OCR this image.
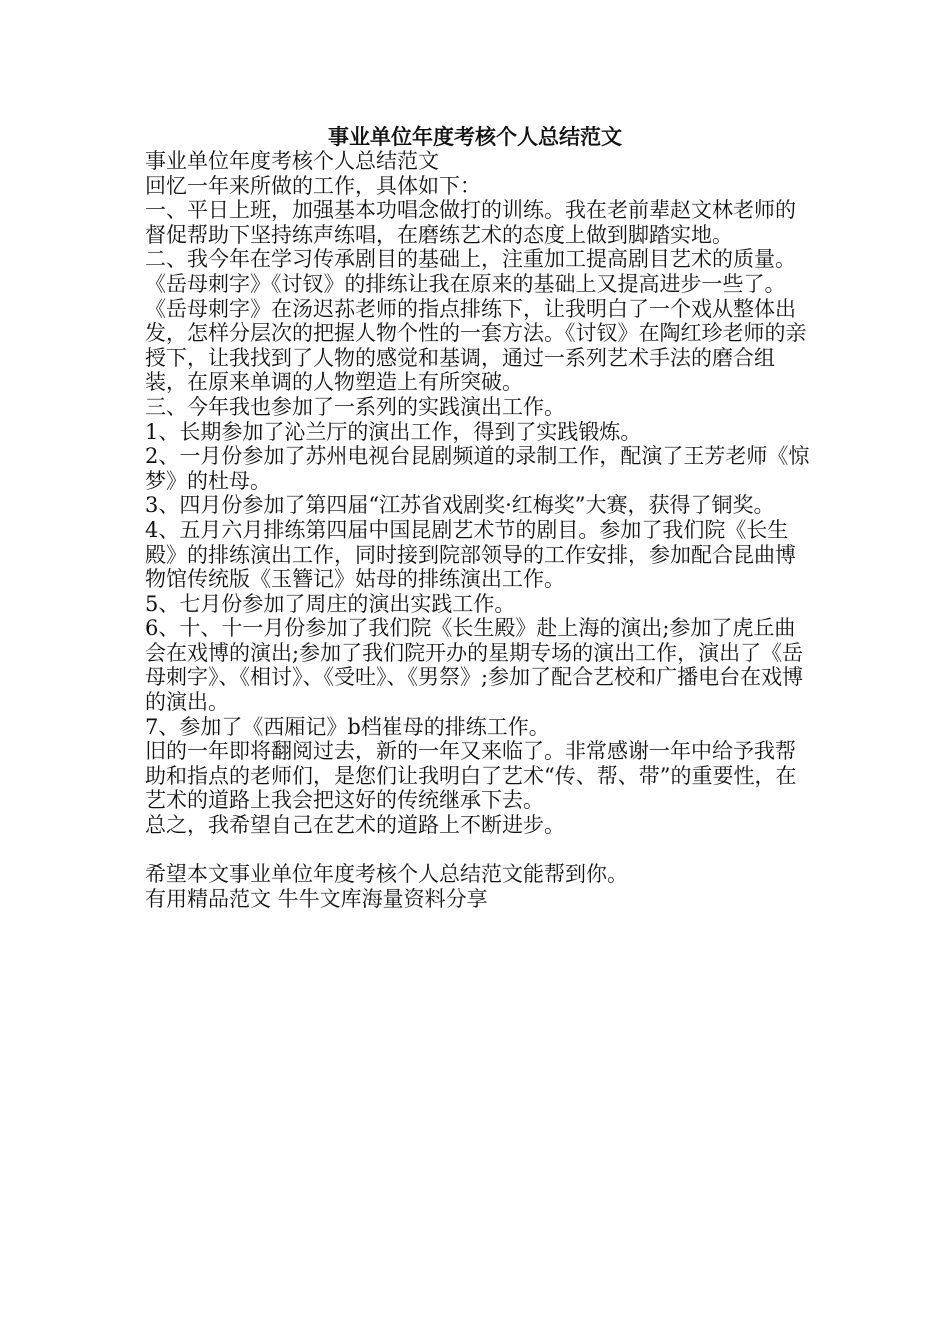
事业单位年度考核个人总结范文

事业单位年度考核个人总结范文

回忆一年来所做的工作，具体如下：

一、平日上班，加强基本功唱念做打的训练。我在老前辈赵文林老师的督促帮助下坚持练声练唱，在磨练艺术的态度上做到脚踏实地。

二、我今年在学习传承剧目的基础上，注重加工提高剧目艺术的质量。

《岳母刺字》《讨钗》的排练让我在原来的基础上又提高进步一些了。《岳母刺字》在汤迟荪老师的指点排练下，让我明白了一个戏从整体出发，怎样分层次的把握人物个性的一套方法。《讨钗》在陶红珍老师的亲授下，让我找到了人物的感觉和基调，通过一系列艺术手法的磨合组装，在原来单调的人物塑造上有所突破。

三、今年我也参加了一系列的实践演出工作。

1、长期参加了沁兰厅的演出工作，得到了实践锻炼。

2、一月份参加了苏州电视台昆剧频道的录制工作，配演了王芳老师《惊梦》的杜母。

3、四月份参加了第四届“江苏省戏剧奖·红梅奖”大赛，获得了铜奖。

4、五月六月排练第四届中国昆剧艺术节的剧目。参加了我们院《长生殿》的排练演出工作，同时接到院部领导的工作安排，参加配合昆曲博物馆传统版《玉簪记》姑母的排练演出工作。

5、七月份参加了周庄的演出实践工作。

6、十、十一月份参加了我们院《长生殿》赴上海的演出;参加了虎丘曲会在戏博的演出;参加了我们院开办的星期专场的演出工作，演出了《岳母刺字》、《相讨》、《受吐》、《男祭》;参加了配合艺校和广播电台在戏博的演出。

7、参加了《西厢记》b档崔母的排练工作。

旧的一年即将翻阅过去，新的一年又来临了。非常感谢一年中给予我帮助和指点的老师们，是您们让我明白了艺术“传、帮、带”的重要性，在艺术的道路上我会把这好的传统继承下去。

总之，我希望自己在艺术的道路上不断进步。

希望本文事业单位年度考核个人总结范文能帮到你。

有用精品范文 牛牛文库海量资料分享
